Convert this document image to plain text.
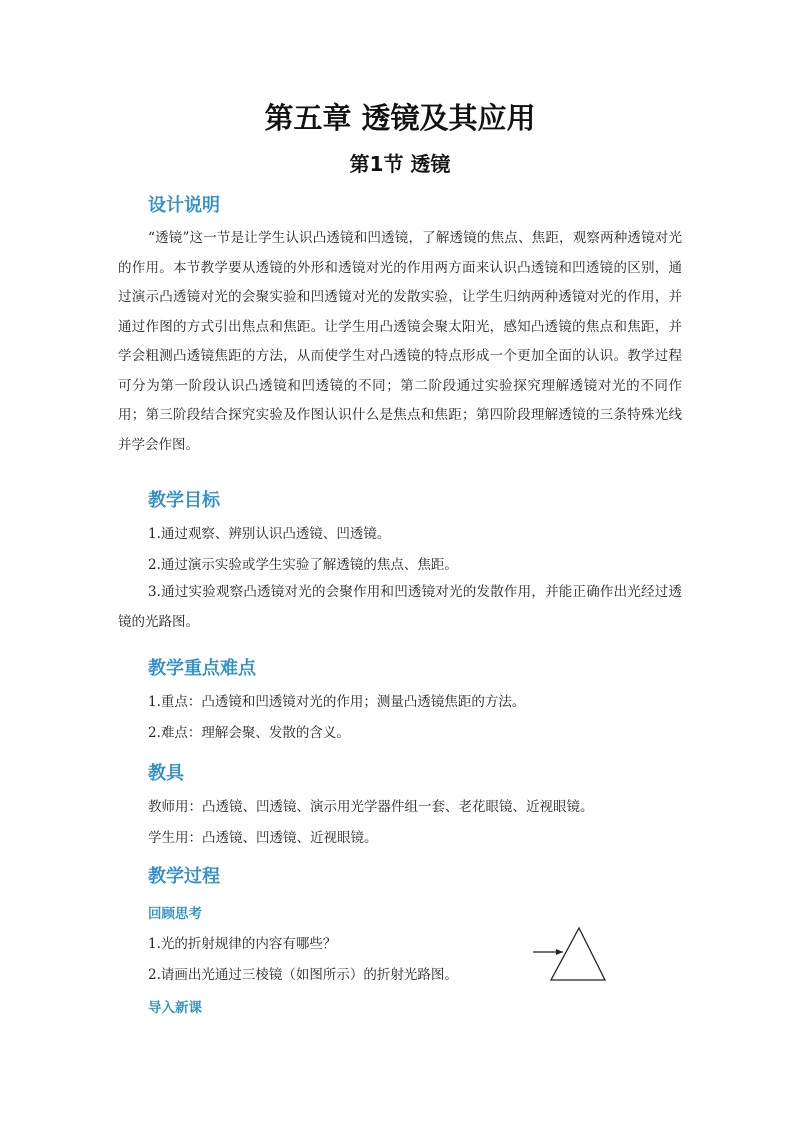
第五章 透镜及其应用
第1节 透镜
设计说明
“透镜”这一节是让学生认识凸透镜和凹透镜，了解透镜的焦点、焦距，观察两种透镜对光的作用。本节教学要从透镜的外形和透镜对光的作用两方面来认识凸透镜和凹透镜的区别，通过演示凸透镜对光的会聚实验和凹透镜对光的发散实验，让学生归纳两种透镜对光的作用，并通过作图的方式引出焦点和焦距。让学生用凸透镜会聚太阳光，感知凸透镜的焦点和焦距，并学会粗测凸透镜焦距的方法，从而使学生对凸透镜的特点形成一个更加全面的认识。教学过程可分为第一阶段认识凸透镜和凹透镜的不同；第二阶段通过实验探究理解透镜对光的不同作用；第三阶段结合探究实验及作图认识什么是焦点和焦距；第四阶段理解透镜的三条特殊光线并学会作图。
教学目标
1.通过观察、辨别认识凸透镜、凹透镜。
2.通过演示实验或学生实验了解透镜的焦点、焦距。
3.通过实验观察凸透镜对光的会聚作用和凹透镜对光的发散作用，并能正确作出光经过透镜的光路图。
教学重点难点
1.重点：凸透镜和凹透镜对光的作用；测量凸透镜焦距的方法。
2.难点：理解会聚、发散的含义。
教具
教师用：凸透镜、凹透镜、演示用光学器件组一套、老花眼镜、近视眼镜。
学生用：凸透镜、凹透镜、近视眼镜。
教学过程
回顾思考
1.光的折射规律的内容有哪些？
2.请画出光通过三棱镜（如图所示）的折射光路图。
导入新课
